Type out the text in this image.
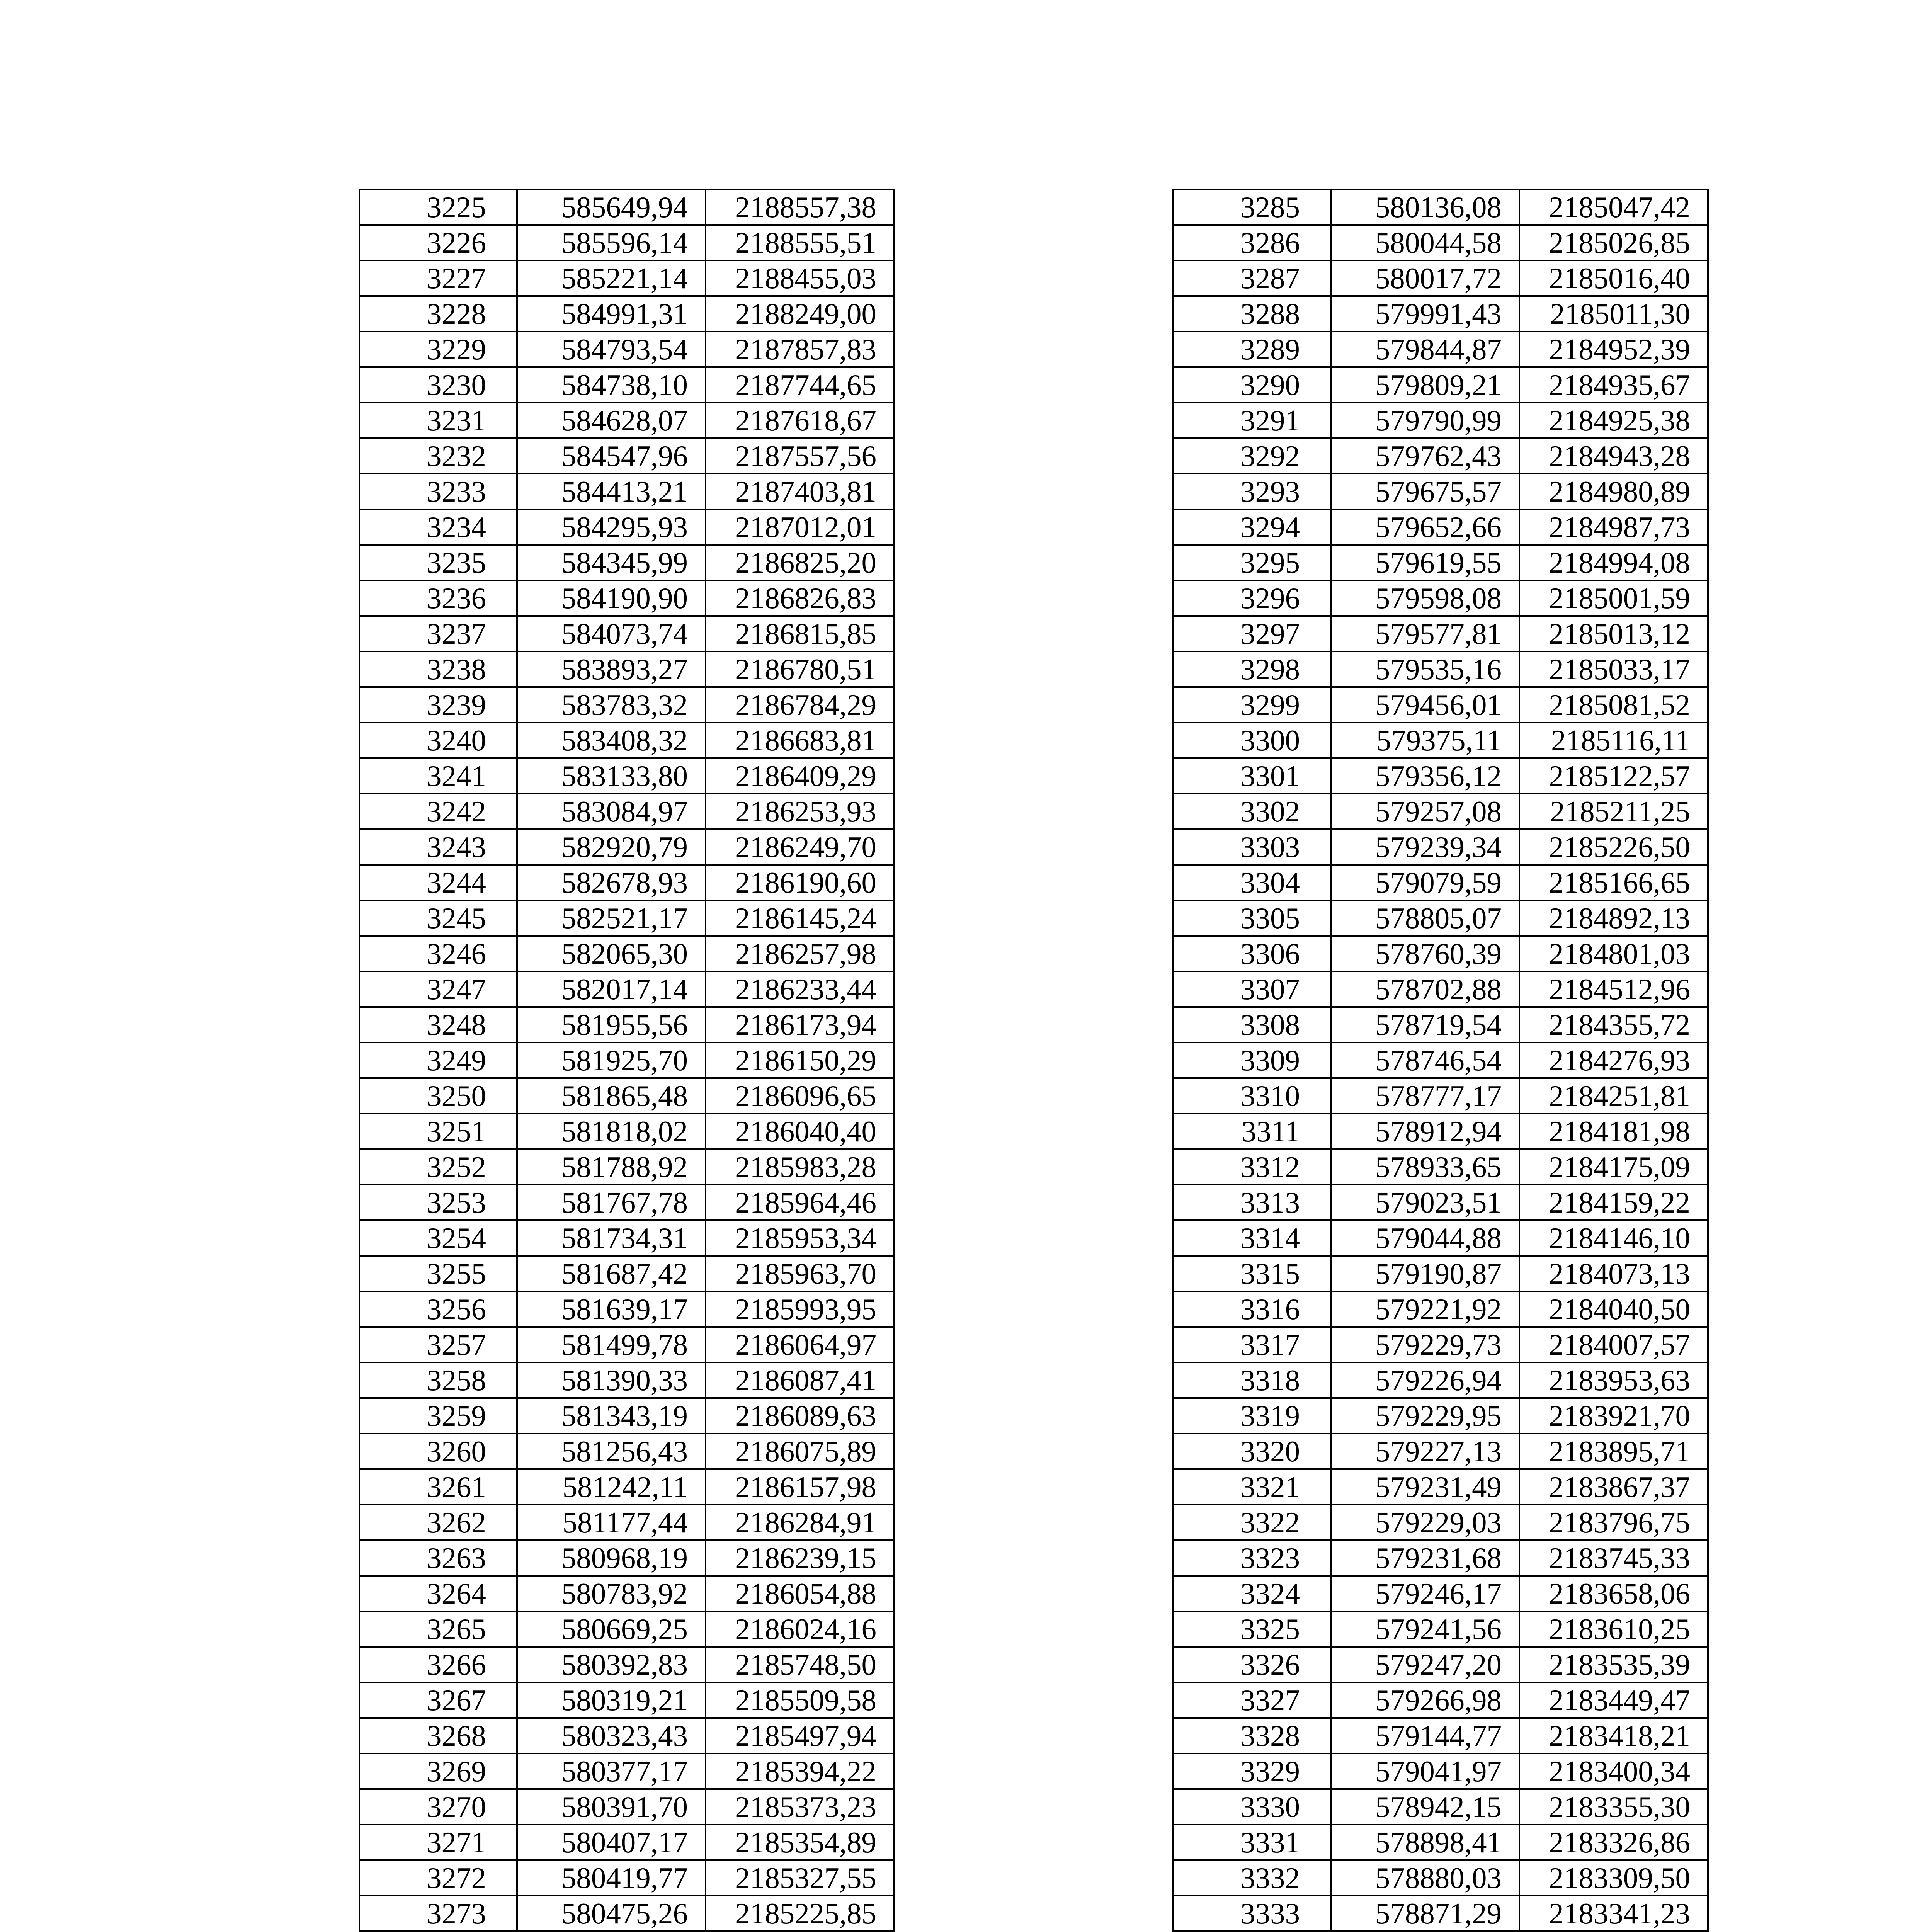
3225	585649,94	2188557,38
3226	585596,14	2188555,51
3227	585221,14	2188455,03
3228	584991,31	2188249,00
3229	584793,54	2187857,83
3230	584738,10	2187744,65
3231	584628,07	2187618,67
3232	584547,96	2187557,56
3233	584413,21	2187403,81
3234	584295,93	2187012,01
3235	584345,99	2186825,20
3236	584190,90	2186826,83
3237	584073,74	2186815,85
3238	583893,27	2186780,51
3239	583783,32	2186784,29
3240	583408,32	2186683,81
3241	583133,80	2186409,29
3242	583084,97	2186253,93
3243	582920,79	2186249,70
3244	582678,93	2186190,60
3245	582521,17	2186145,24
3246	582065,30	2186257,98
3247	582017,14	2186233,44
3248	581955,56	2186173,94
3249	581925,70	2186150,29
3250	581865,48	2186096,65
3251	581818,02	2186040,40
3252	581788,92	2185983,28
3253	581767,78	2185964,46
3254	581734,31	2185953,34
3255	581687,42	2185963,70
3256	581639,17	2185993,95
3257	581499,78	2186064,97
3258	581390,33	2186087,41
3259	581343,19	2186089,63
3260	581256,43	2186075,89
3261	581242,11	2186157,98
3262	581177,44	2186284,91
3263	580968,19	2186239,15
3264	580783,92	2186054,88
3265	580669,25	2186024,16
3266	580392,83	2185748,50
3267	580319,21	2185509,58
3268	580323,43	2185497,94
3269	580377,17	2185394,22
3270	580391,70	2185373,23
3271	580407,17	2185354,89
3272	580419,77	2185327,55
3273	580475,26	2185225,85

3285	580136,08	2185047,42
3286	580044,58	2185026,85
3287	580017,72	2185016,40
3288	579991,43	2185011,30
3289	579844,87	2184952,39
3290	579809,21	2184935,67
3291	579790,99	2184925,38
3292	579762,43	2184943,28
3293	579675,57	2184980,89
3294	579652,66	2184987,73
3295	579619,55	2184994,08
3296	579598,08	2185001,59
3297	579577,81	2185013,12
3298	579535,16	2185033,17
3299	579456,01	2185081,52
3300	579375,11	2185116,11
3301	579356,12	2185122,57
3302	579257,08	2185211,25
3303	579239,34	2185226,50
3304	579079,59	2185166,65
3305	578805,07	2184892,13
3306	578760,39	2184801,03
3307	578702,88	2184512,96
3308	578719,54	2184355,72
3309	578746,54	2184276,93
3310	578777,17	2184251,81
3311	578912,94	2184181,98
3312	578933,65	2184175,09
3313	579023,51	2184159,22
3314	579044,88	2184146,10
3315	579190,87	2184073,13
3316	579221,92	2184040,50
3317	579229,73	2184007,57
3318	579226,94	2183953,63
3319	579229,95	2183921,70
3320	579227,13	2183895,71
3321	579231,49	2183867,37
3322	579229,03	2183796,75
3323	579231,68	2183745,33
3324	579246,17	2183658,06
3325	579241,56	2183610,25
3326	579247,20	2183535,39
3327	579266,98	2183449,47
3328	579144,77	2183418,21
3329	579041,97	2183400,34
3330	578942,15	2183355,30
3331	578898,41	2183326,86
3332	578880,03	2183309,50
3333	578871,29	2183341,23
